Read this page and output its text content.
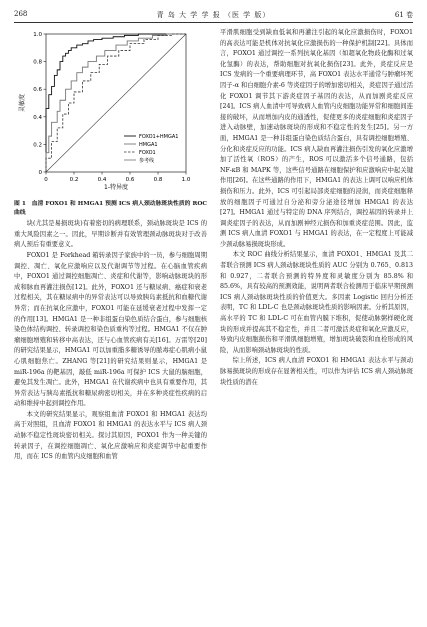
268	青 岛 大 学 学 报 （医 学 版）	61 卷
0	0.2	0.4	0.6	0.8	1.0
0
0.2
0.4
0.6
0.8
1.0
1-特异度
灵敏度
FOXO1+HMGA1
HMGA1
FOXO1
参考线
图 1　血清 FOXO1 和 HMGA1 预测 ICS 病人颈动脉斑块性质的 ROC 曲线

块(尤其是易损斑块)有着密切的病理联系，颈动脉斑块是 ICS 的重大风险因素之一。因此，早期诊断并有效管理颈动脉斑块对于改善病人预后有重要意义。

FOXO1 是 Forkhead 箱转录因子家族中的一员，参与细胞周期调控、凋亡、氧化应激响应以及代谢调节等过程。在心脑血管疾病中，FOXO1 通过调控细胞凋亡、炎症和代谢等，影响动脉斑块的形成和脉血再灌注损伤[12]。此外，FOXO1 还与糖尿病、癌症和衰老过程相关，其在糖尿病中的异常表达可以导致胰岛素抵抗和血糖代谢异常；而在抗氧化应激中，FOXO1 可能在延缓衰老过程中发挥一定的作用[13]。HMGA1 是一种非组蛋白染色质结合蛋白，参与细胞核染色体结构调控、转录调控和染色质重构等过程。HMGA1 不仅在肿瘤细胞增殖和转移中高表达，还与心血管疾病有关[16]。万雷等[20]的研究结果显示，HMGA1 可以加重脂多糖诱导的脓毒症心肌病小鼠心肌细胞焦亡。ZHANG 等[21]的研究结果则显示，HMGA1 是 miR-196a 的靶基因，敲低 miR-196a 可保护 ICS 大鼠的脑细胞，避免其发生凋亡。此外，HMGA1 在代谢疾病中也具有重要作用，其异常表达与胰岛素抵抗和糖尿病密切相关，并在多种炎症性疾病的启动和维持中起到调控作用。

本文的研究结果显示，观察组血清 FOXO1 和 HMGA1 表达均高于对照组，且血清 FOXO1 和 HMGA1 的表达水平与 ICS 病人颈动脉不稳定性斑块密切相关。探讨其原因，FOXO1 作为一种关键的转录因子，在调控细胞凋亡、氧化应激响应和炎症调节中起重要作用，而在 ICS 的血管内皮细胞和血管

平滑肌细胞受到缺血低氧和再灌注引起的氧化应激损伤时，FOXO1 的高表达可能是机体对抗氧化应激损伤的一种保护机制[22]。具体而言，FOXO1 通过调控一系列抗氧化基因（如超氧化物歧化酶和过氧化氢酶）的表达，帮助细胞对抗氧化损伤[23]。此外，炎症反应是 ICS 发病的一个重要病理环节，高 FOXO1 表达水平通常与肿瘤坏死因子-α 和白细胞介素-6 等炎症因子的增加密切相关，炎症因子通过活化 FOXO1 调节其下游炎症因子基因的表达，从而加剧炎症反应[24]。ICS 病人血清中可导致病人血管内皮细胞功能异常和细胞间连接的破坏，从而增加内皮的通透性，促使更多的炎症细胞和炎症因子进入动脉壁，加速动脉斑块的形成和不稳定性的发生[25]。另一方面，HMGA1 是一种非组蛋白染色质结合蛋白，具有调控细胞增殖、分化和炎症反应的功能。ICS 病人缺血再灌注损伤引发的氧化应激增加了活性氧（ROS）的产生，ROS 可以激活多个信号通路，包括 NF-κB 和 MAPK 等，这些信号通路在细胞保护和应激响应中起关键作用[26]。在这些通路的作用下，HMGA1 的表达上调可以响应机体损伤和压力。此外，ICS 可引起局部炎症细胞的浸润，而炎症细胞释放的细胞因子可通过自分泌和旁分泌途径增加 HMGA1 的表达[27]。HMGA1 通过与特定的 DNA 序列结合，调控基因的转录并上调炎症因子的表达，从而加剧神经元损伤和加重炎症范围。因此，监测 ICS 病人血清 FOXO1 与 HMGA1 的表达，在一定程度上可能减少颈动脉易损斑块形成。

本文 ROC 曲线分析结果显示，血清 FOXO1、HMGA1 及其二者联合预测 ICS 病人颈动脉斑块性质的 AUC 分别为 0.765、0.813 和 0.927，二者联合预测的特异度和灵敏度分别为 85.8% 和 85.6%，具有较高的预测效能，说明两者联合检测用于临床早期预测 ICS 病人颈动脉斑块性质的价值更大。多因素 Logistic 回归分析还表明，TC 和 LDL-C 也是颈动脉斑块性质的影响因素。分析其原因，高水平的 TC 和 LDL-C 可在血管内膜下堆积，促使动脉粥样硬化斑块的形成并提高其不稳定性，并且二者可激活炎症和氧化应激反应，导致内皮细胞损伤和平滑肌细胞增殖，增加斑块破裂和血栓形成的风险，从而影响颈动脉斑块的性质。

综上所述，ICS 病人血清 FOXO1 和 HMGA1 表达水平与颈动脉易损斑块的形成存在显著相关性，可以作为评估 ICS 病人颈动脉斑块性质的潜在
